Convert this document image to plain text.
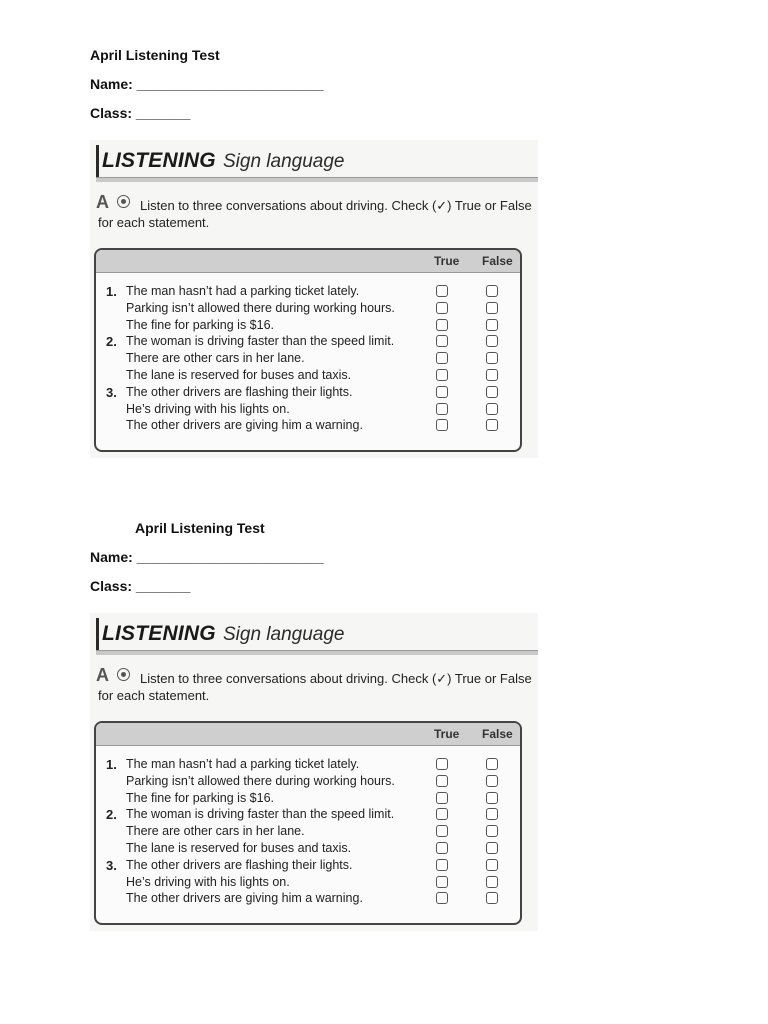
April Listening Test
Name: ________________________
Class: _______
LISTENING Sign language
A	Listen to three conversations about driving. Check (✓) True or False
for each statement.
True False
1. The man hasn’t had a parking ticket lately.
Parking isn’t allowed there during working hours.
The fine for parking is $16.
2. The woman is driving faster than the speed limit.
There are other cars in her lane.
The lane is reserved for buses and taxis.
3. The other drivers are flashing their lights.
He’s driving with his lights on.
The other drivers are giving him a warning.
April Listening Test
Name: ________________________
Class: _______
LISTENING Sign language
A	Listen to three conversations about driving. Check (✓) True or False
for each statement.
True False
1. The man hasn’t had a parking ticket lately.
Parking isn’t allowed there during working hours.
The fine for parking is $16.
2. The woman is driving faster than the speed limit.
There are other cars in her lane.
The lane is reserved for buses and taxis.
3. The other drivers are flashing their lights.
He’s driving with his lights on.
The other drivers are giving him a warning.
